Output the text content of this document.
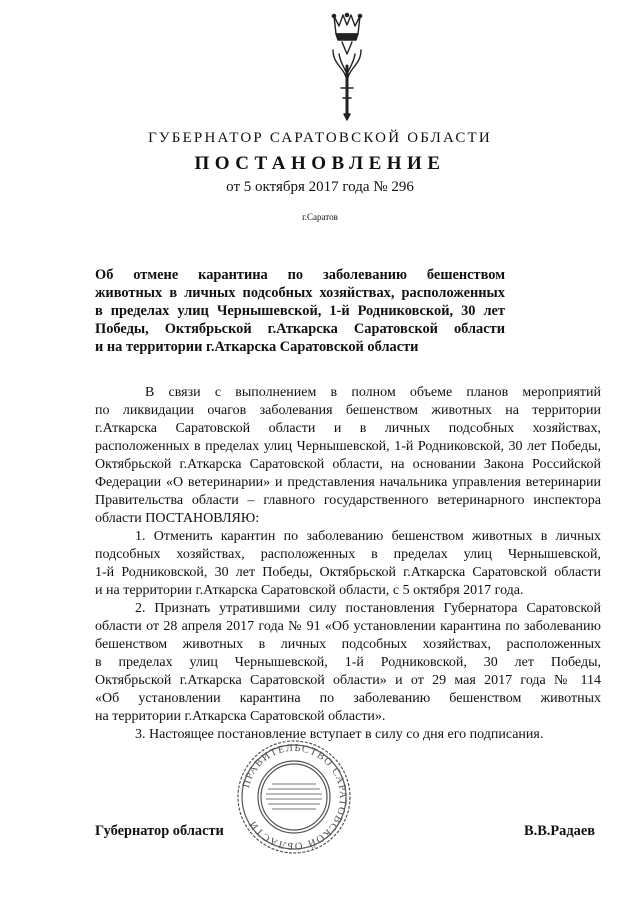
ГУБЕРНАТОР САРАТОВСКОЙ ОБЛАСТИ
ПОСТАНОВЛЕНИЕ
от 5 октября 2017 года № 296
г.Саратов
Об отмене карантина по заболеванию бешенством
животных в личных подсобных хозяйствах, расположенных
в пределах улиц Чернышевской, 1-й Родниковской, 30 лет
Победы, Октябрьской г.Аткарска Саратовской области
и на территории г.Аткарска Саратовской области
В связи с выполнением в полном объеме планов мероприятий
по ликвидации очагов заболевания бешенством животных на территории
г.Аткарска Саратовской области и в личных подсобных хозяйствах,
расположенных в пределах улиц Чернышевской, 1-й Родниковской, 30 лет Победы,
Октябрьской г.Аткарска Саратовской области, на основании Закона Российской
Федерации «О ветеринарии» и представления начальника управления ветеринарии
Правительства области – главного государственного ветеринарного инспектора
области ПОСТАНОВЛЯЮ:
1. Отменить карантин по заболеванию бешенством животных в личных
подсобных хозяйствах, расположенных в пределах улиц Чернышевской,
1-й Родниковской, 30 лет Победы, Октябрьской г.Аткарска Саратовской области
и на территории г.Аткарска Саратовской области, с 5 октября 2017 года.
2. Признать утратившими силу постановления Губернатора Саратовской
области от 28 апреля 2017 года № 91 «Об установлении карантина по заболеванию
бешенством животных в личных подсобных хозяйствах, расположенных
в пределах улиц Чернышевской, 1-й Родниковской, 30 лет Победы,
Октябрьской г.Аткарска Саратовской области» и от 29 мая 2017 года № 114
«Об установлении карантина по заболеванию бешенством животных
на территории г.Аткарска Саратовской области».
3. Настоящее постановление вступает в силу со дня его подписания.
Губернатор области	В.В.Радаев
ПРАВИТЕЛЬСТВО САРАТОВСКОЙ ОБЛАСТИ
